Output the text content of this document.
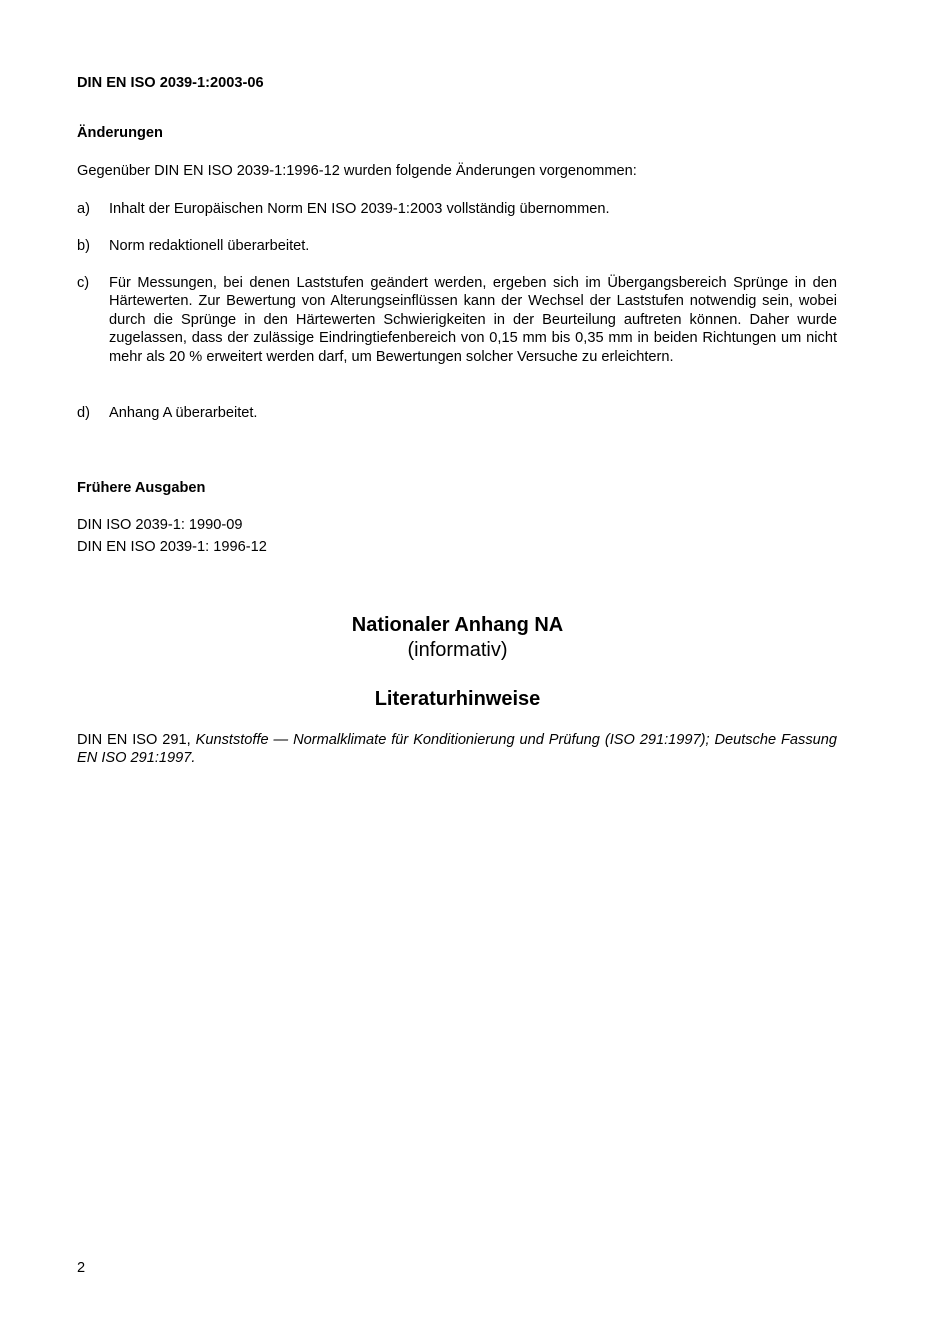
DIN EN ISO 2039-1:2003-06
Änderungen
Gegenüber DIN EN ISO 2039-1:1996-12 wurden folgende Änderungen vorgenommen:
a)	Inhalt der Europäischen Norm EN ISO 2039-1:2003 vollständig übernommen.
b)	Norm redaktionell überarbeitet.
c)	Für Messungen, bei denen Laststufen geändert werden, ergeben sich im Übergangsbereich Sprünge in den Härtewerten. Zur Bewertung von Alterungseinflüssen kann der Wechsel der Laststufen notwendig sein, wobei durch die Sprünge in den Härtewerten Schwierigkeiten in der Beurteilung auftreten können. Daher wurde zugelassen, dass der zulässige Eindringtiefenbereich von 0,15 mm bis 0,35 mm in beiden Richtungen um nicht mehr als 20 % erweitert werden darf, um Bewertungen solcher Versuche zu erleichtern.
d)	Anhang A überarbeitet.
Frühere Ausgaben
DIN ISO 2039-1: 1990-09
DIN EN ISO 2039-1: 1996-12
Nationaler Anhang NA
(informativ)
Literaturhinweise
DIN EN ISO 291, Kunststoffe — Normalklimate für Konditionierung und Prüfung (ISO 291:1997); Deutsche Fassung EN ISO 291:1997.
2
